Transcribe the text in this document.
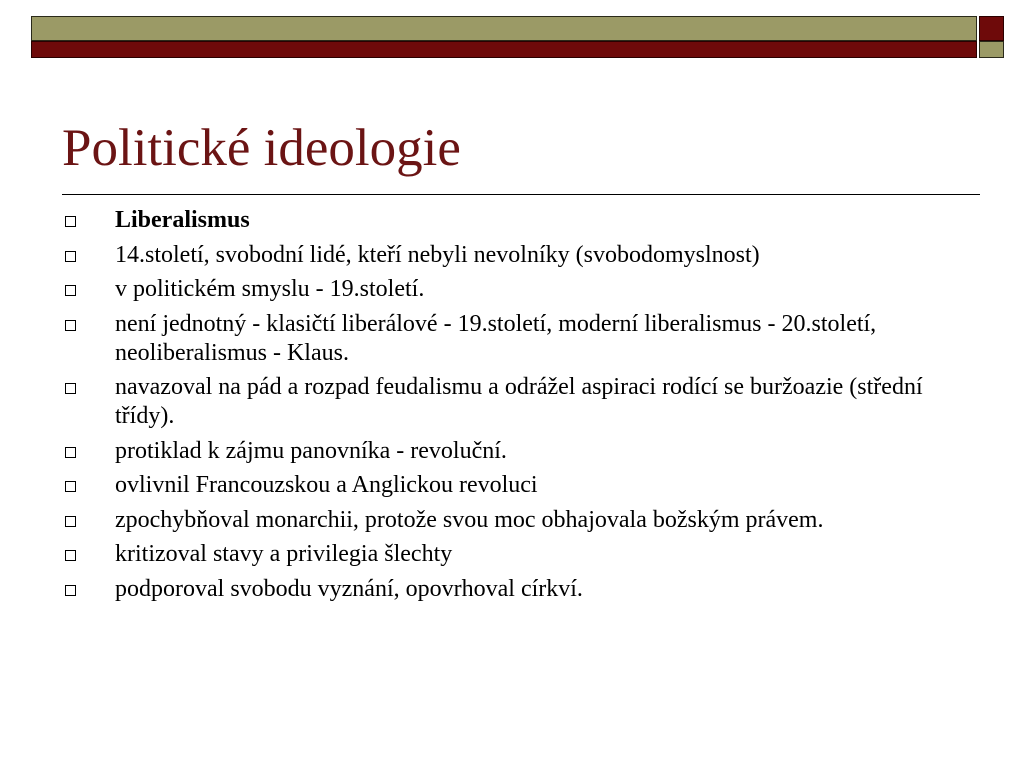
Politické ideologie
Liberalismus
14.století, svobodní lidé, kteří nebyli nevolníky (svobodomyslnost)
v politickém smyslu - 19.století.
není jednotný - klasičtí liberálové - 19.století, moderní liberalismus - 20.století, neoliberalismus - Klaus.
navazoval na pád a rozpad feudalismu a odrážel aspiraci rodící se buržoazie (střední třídy).
protiklad k zájmu panovníka - revoluční.
ovlivnil Francouzskou a Anglickou revoluci
zpochybňoval monarchii, protože svou moc obhajovala božským právem.
kritizoval stavy a privilegia šlechty
podporoval svobodu vyznání, opovrhoval církví.
